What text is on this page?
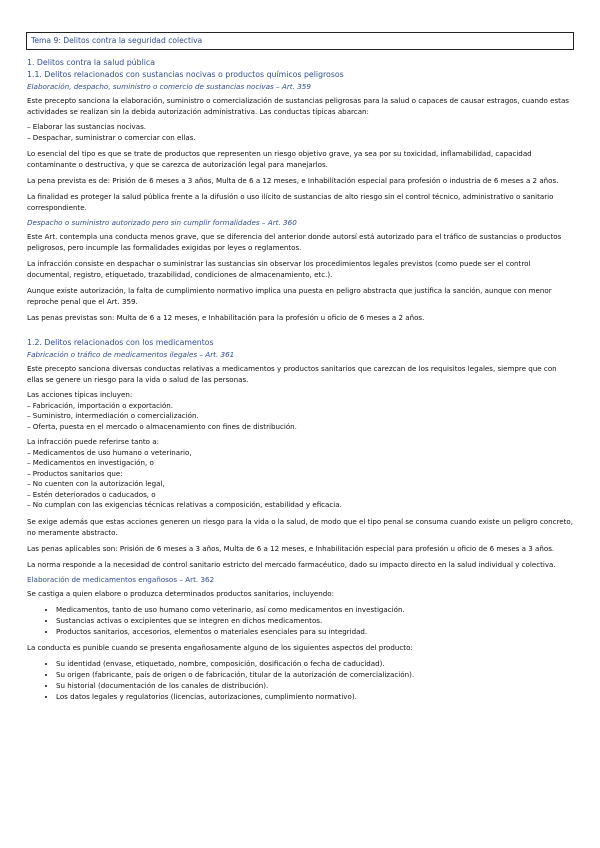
Tema 9: Delitos contra la seguridad colectiva
1. Delitos contra la salud pública
1.1. Delitos relacionados con sustancias nocivas o productos químicos peligrosos
Elaboración, despacho, suministro o comercio de sustancias nocivas – Art. 359

Este precepto sanciona la elaboración, suministro o comercialización de sustancias peligrosas para la salud o capaces de causar estragos, cuando estas actividades se realizan sin la debida autorización administrativa. Las conductas típicas abarcan:

– Elaborar las sustancias nocivas.
– Despachar, suministrar o comerciar con ellas.

Lo esencial del tipo es que se trate de productos que representen un riesgo objetivo grave, ya sea por su toxicidad, inflamabilidad, capacidad contaminante o destructiva, y que se carezca de autorización legal para manejarlos.

La pena prevista es de: Prisión de 6 meses a 3 años, Multa de 6 a 12 meses, e Inhabilitación especial para profesión o industria de 6 meses a 2 años.

La finalidad es proteger la salud pública frente a la difusión o uso ilícito de sustancias de alto riesgo sin el control técnico, administrativo o sanitario correspondiente.

Despacho o suministro autorizado pero sin cumplir formalidades – Art. 360

Este Art. contempla una conducta menos grave, que se diferencia del anterior donde autorsí está autorizado para el tráfico de sustancias o productos peligrosos, pero incumple las formalidades exigidas por leyes o reglamentos.

La infracción consiste en despachar o suministrar las sustancias sin observar los procedimientos legales previstos (como puede ser el control documental, registro, etiquetado, trazabilidad, condiciones de almacenamiento, etc.).

Aunque existe autorización, la falta de cumplimiento normativo implica una puesta en peligro abstracta que justifica la sanción, aunque con menor reproche penal que el Art. 359.

Las penas previstas son: Multa de 6 a 12 meses, e Inhabilitación para la profesión u oficio de 6 meses a 2 años.

1.2. Delitos relacionados con los medicamentos
Fabricación o tráfico de medicamentos ilegales – Art. 361

Este precepto sanciona diversas conductas relativas a medicamentos y productos sanitarios que carezcan de los requisitos legales, siempre que con ellas se genere un riesgo para la vida o salud de las personas.

Las acciones típicas incluyen:
– Fabricación, importación o exportación.
– Suministro, intermediación o comercialización.
– Oferta, puesta en el mercado o almacenamiento con fines de distribución.
La infracción puede referirse tanto a:
– Medicamentos de uso humano o veterinario,
– Medicamentos en investigación, o
– Productos sanitarios que:
– No cuenten con la autorización legal,
– Estén deteriorados o caducados, o
– No cumplan con las exigencias técnicas relativas a composición, estabilidad y eficacia.

Se exige además que estas acciones generen un riesgo para la vida o la salud, de modo que el tipo penal se consuma cuando existe un peligro concreto, no meramente abstracto.

Las penas aplicables son: Prisión de 6 meses a 3 años, Multa de 6 a 12 meses, e Inhabilitación especial para profesión u oficio de 6 meses a 3 años.

La norma responde a la necesidad de control sanitario estricto del mercado farmacéutico, dado su impacto directo en la salud individual y colectiva.

Elaboración de medicamentos engañosos – Art. 362

Se castiga a quien elabore o produzca determinados productos sanitarios, incluyendo:

• Medicamentos, tanto de uso humano como veterinario, así como medicamentos en investigación.
• Sustancias activas o excipientes que se integren en dichos medicamentos.
• Productos sanitarios, accesorios, elementos o materiales esenciales para su integridad.

La conducta es punible cuando se presenta engañosamente alguno de los siguientes aspectos del producto:

• Su identidad (envase, etiquetado, nombre, composición, dosificación o fecha de caducidad).
• Su origen (fabricante, país de origen o de fabricación, titular de la autorización de comercialización).
• Su historial (documentación de los canales de distribución).
• Los datos legales y regulatorios (licencias, autorizaciones, cumplimiento normativo).
